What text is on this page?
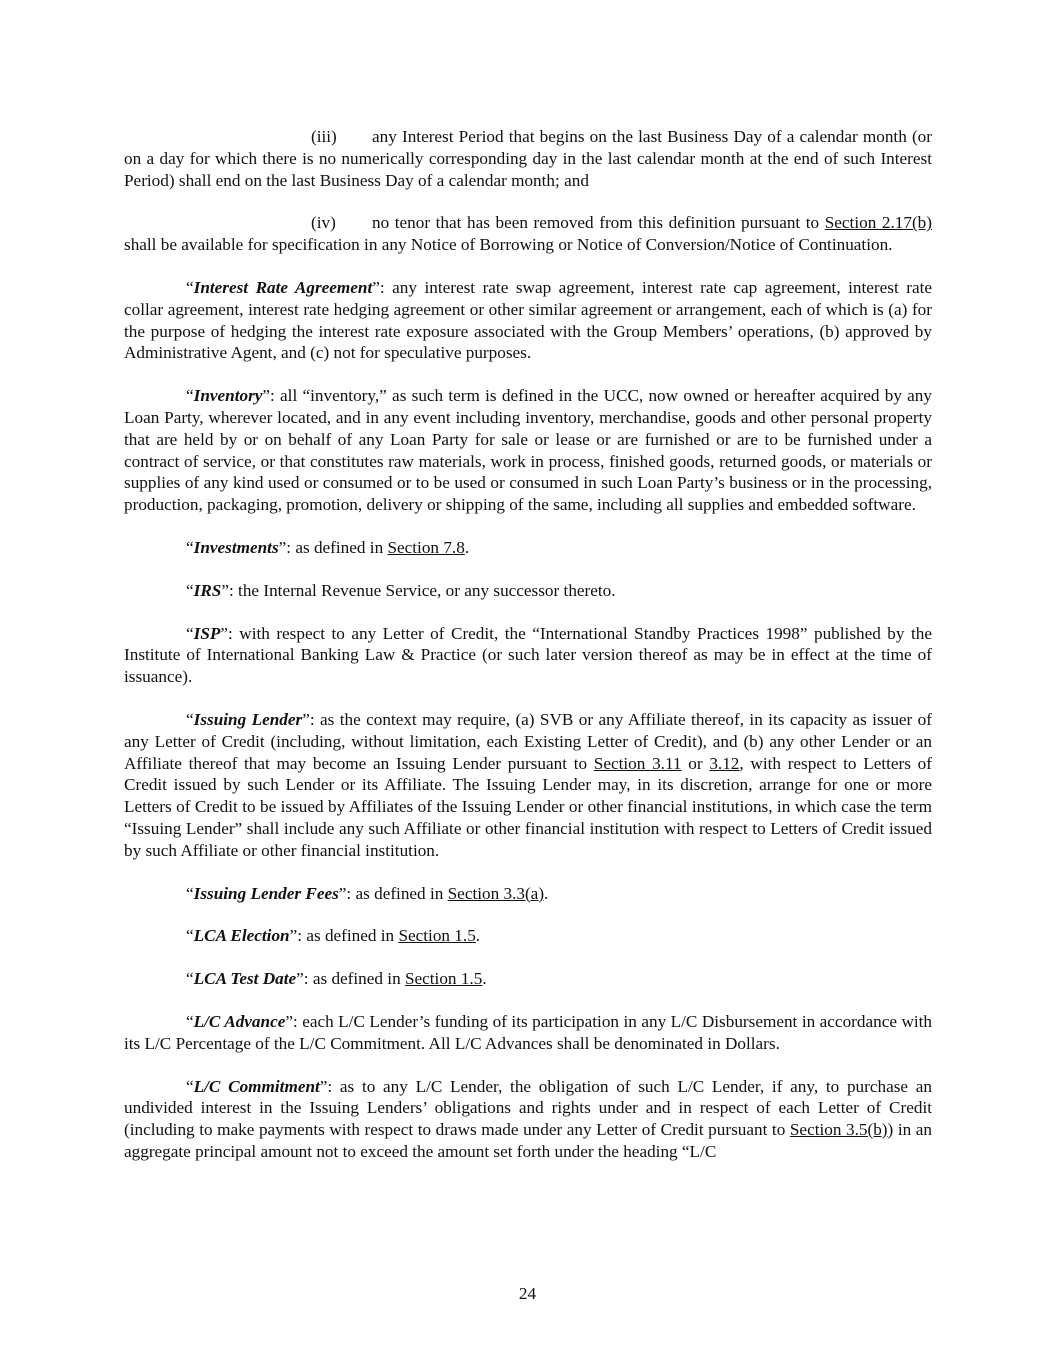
(iii) any Interest Period that begins on the last Business Day of a calendar month (or on a day for which there is no numerically corresponding day in the last calendar month at the end of such Interest Period) shall end on the last Business Day of a calendar month; and

(iv) no tenor that has been removed from this definition pursuant to Section 2.17(b) shall be available for specification in any Notice of Borrowing or Notice of Conversion/Notice of Continuation.

“Interest Rate Agreement”: any interest rate swap agreement, interest rate cap agreement, interest rate collar agreement, interest rate hedging agreement or other similar agreement or arrangement, each of which is (a) for the purpose of hedging the interest rate exposure associated with the Group Members’ operations, (b) approved by Administrative Agent, and (c) not for speculative purposes.

“Inventory”: all “inventory,” as such term is defined in the UCC, now owned or hereafter acquired by any Loan Party, wherever located, and in any event including inventory, merchandise, goods and other personal property that are held by or on behalf of any Loan Party for sale or lease or are furnished or are to be furnished under a contract of service, or that constitutes raw materials, work in process, finished goods, returned goods, or materials or supplies of any kind used or consumed or to be used or consumed in such Loan Party’s business or in the processing, production, packaging, promotion, delivery or shipping of the same, including all supplies and embedded software.

“Investments”: as defined in Section 7.8.

“IRS”: the Internal Revenue Service, or any successor thereto.

“ISP”: with respect to any Letter of Credit, the “International Standby Practices 1998” published by the Institute of International Banking Law & Practice (or such later version thereof as may be in effect at the time of issuance).

“Issuing Lender”: as the context may require, (a) SVB or any Affiliate thereof, in its capacity as issuer of any Letter of Credit (including, without limitation, each Existing Letter of Credit), and (b) any other Lender or an Affiliate thereof that may become an Issuing Lender pursuant to Section 3.11 or 3.12, with respect to Letters of Credit issued by such Lender or its Affiliate. The Issuing Lender may, in its discretion, arrange for one or more Letters of Credit to be issued by Affiliates of the Issuing Lender or other financial institutions, in which case the term “Issuing Lender” shall include any such Affiliate or other financial institution with respect to Letters of Credit issued by such Affiliate or other financial institution.

“Issuing Lender Fees”: as defined in Section 3.3(a).

“LCA Election”: as defined in Section 1.5.

“LCA Test Date”: as defined in Section 1.5.

“L/C Advance”: each L/C Lender’s funding of its participation in any L/C Disbursement in accordance with its L/C Percentage of the L/C Commitment. All L/C Advances shall be denominated in Dollars.

“L/C Commitment”: as to any L/C Lender, the obligation of such L/C Lender, if any, to purchase an undivided interest in the Issuing Lenders’ obligations and rights under and in respect of each Letter of Credit (including to make payments with respect to draws made under any Letter of Credit pursuant to Section 3.5(b)) in an aggregate principal amount not to exceed the amount set forth under the heading “L/C

24
